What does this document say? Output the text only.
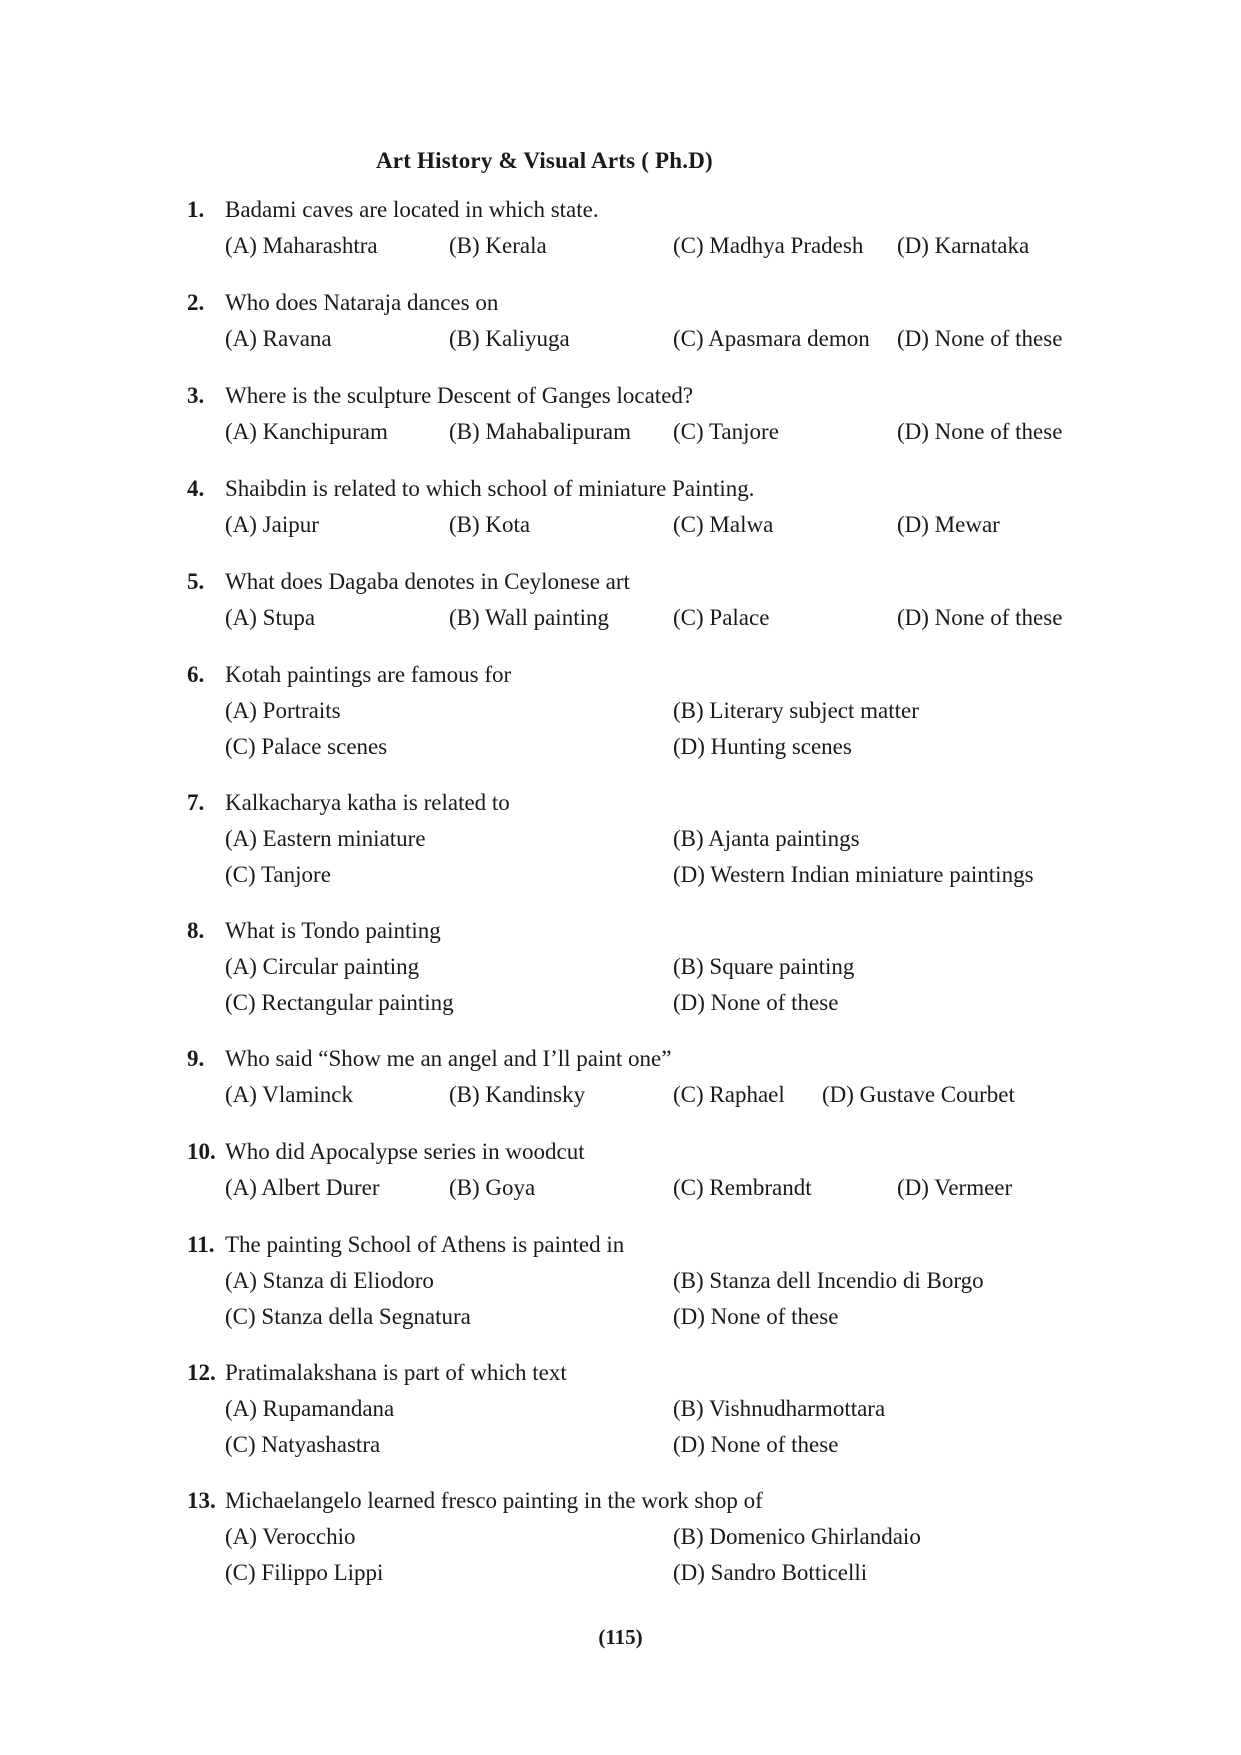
Art History & Visual Arts ( Ph.D)
1. Badami caves are located in which state.
(A) Maharashtra	(B) Kerala	(C) Madhya Pradesh (D) Karnataka
2. Who does Nataraja dances on
(A) Ravana	(B) Kaliyuga	(C) Apasmara demon (D) None of these
3. Where is the sculpture Descent of Ganges located?
(A) Kanchipuram	(B) Mahabalipuram (C) Tanjore	(D) None of these
4. Shaibdin is related to which school of miniature Painting.
(A) Jaipur	(B) Kota	(C) Malwa	(D) Mewar
5. What does Dagaba denotes in Ceylonese art
(A) Stupa	(B) Wall painting	(C) Palace	(D) None of these
6. Kotah paintings are famous for
(A) Portraits	(B) Literary subject matter
(C) Palace scenes	(D) Hunting scenes
7. Kalkacharya katha is related to
(A) Eastern miniature	(B) Ajanta paintings
(C) Tanjore	(D) Western Indian miniature paintings
8. What is Tondo painting
(A) Circular painting	(B) Square painting
(C) Rectangular painting	(D) None of these
9. Who said “Show me an angel and I’ll paint one”
(A) Vlaminck	(B) Kandinsky	(C) Raphael (D) Gustave Courbet
10. Who did Apocalypse series in woodcut
(A) Albert Durer	(B) Goya	(C) Rembrandt	(D) Vermeer
11. The painting School of Athens is painted in
(A) Stanza di Eliodoro	(B) Stanza dell Incendio di Borgo
(C) Stanza della Segnatura	(D) None of these
12. Pratimalakshana is part of which text
(A) Rupamandana	(B) Vishnudharmottara
(C) Natyashastra	(D) None of these
13. Michaelangelo learned fresco painting in the work shop of
(A) Verocchio	(B) Domenico Ghirlandaio
(C) Filippo Lippi	(D) Sandro Botticelli
(115)
